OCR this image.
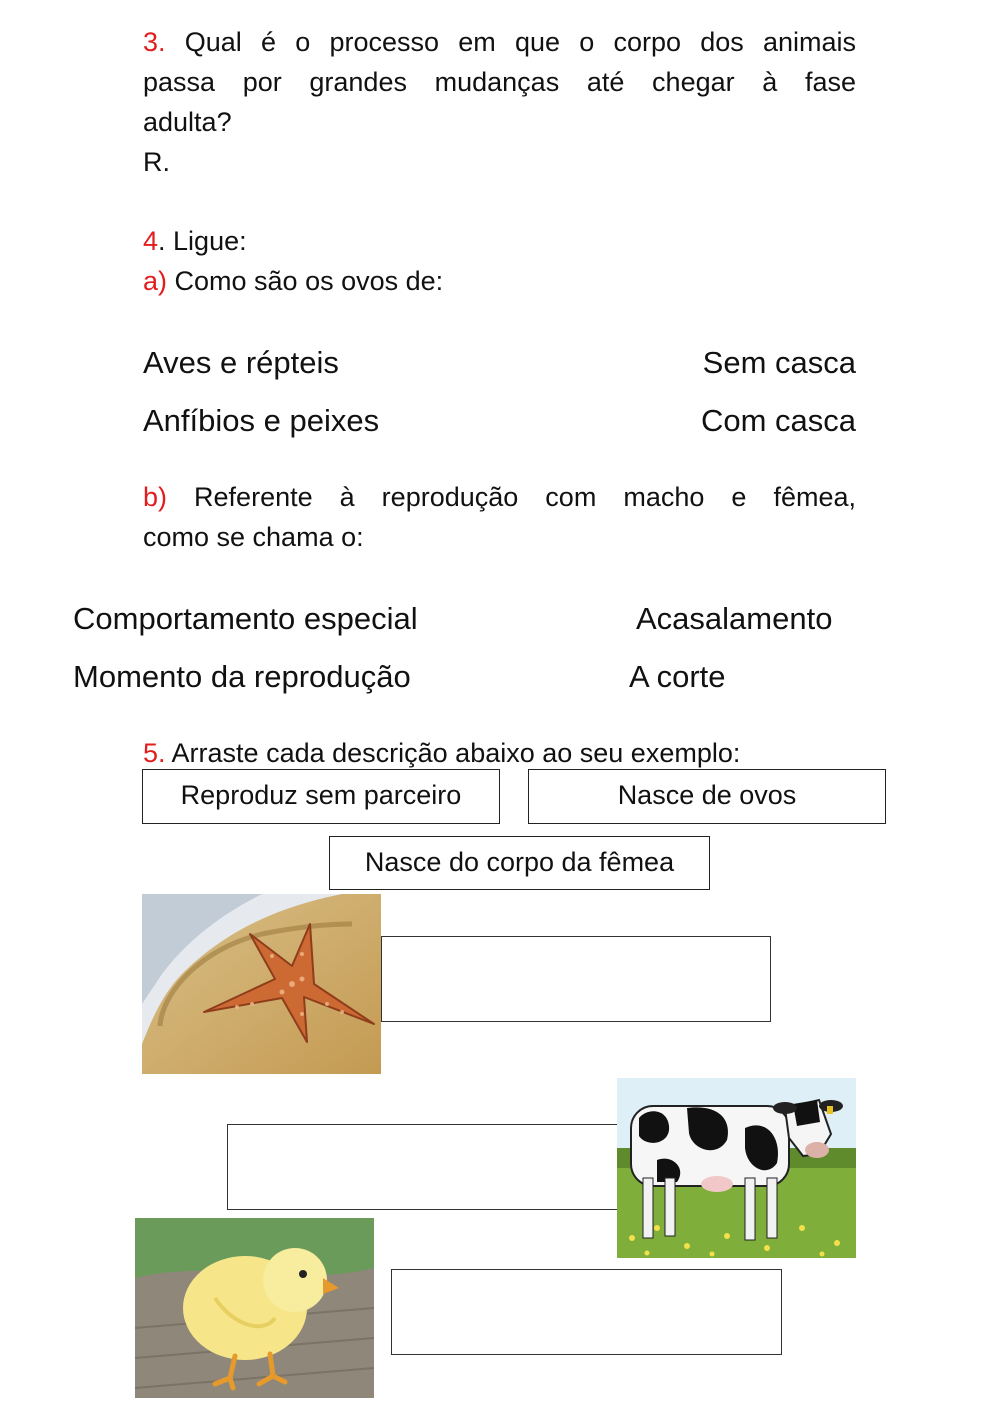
3. Qual é o processo em que o corpo dos animais
passa por grandes mudanças até chegar à fase
adulta?
R.
4. Ligue:
a) Como são os ovos de:
Aves e répteis	Sem casca
Anfíbios e peixes	Com casca
b) Referente à reprodução com macho e fêmea,
como se chama o:
Comportamento especial	Acasalamento
Momento da reprodução	A corte
5. Arraste cada descrição abaixo ao seu exemplo:
Reproduz sem parceiro	Nasce de ovos
Nasce do corpo da fêmea
